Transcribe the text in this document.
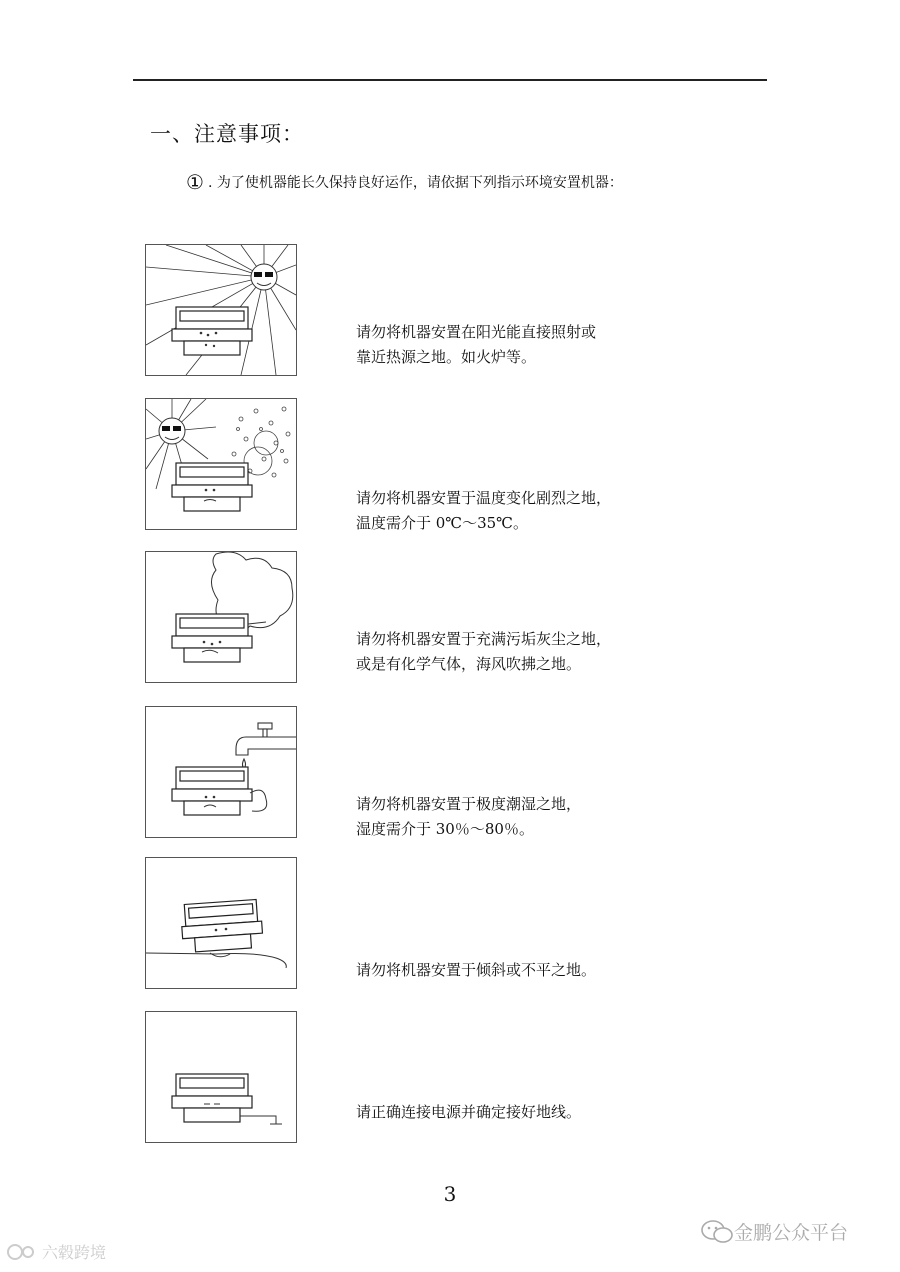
一、注意事项：
① . 为了使机器能长久保持良好运作，请依据下列指示环境安置机器：
请勿将机器安置在阳光能直接照射或
靠近热源之地。如火炉等。
请勿将机器安置于温度变化剧烈之地，
温度需介于 0℃～35℃。
请勿将机器安置于充满污垢灰尘之地，
或是有化学气体，海风吹拂之地。
请勿将机器安置于极度潮湿之地，
湿度需介于 30％～80％。
请勿将机器安置于倾斜或不平之地。
请正确连接电源并确定接好地线。
3
六毂跨境
金鹏公众平台
